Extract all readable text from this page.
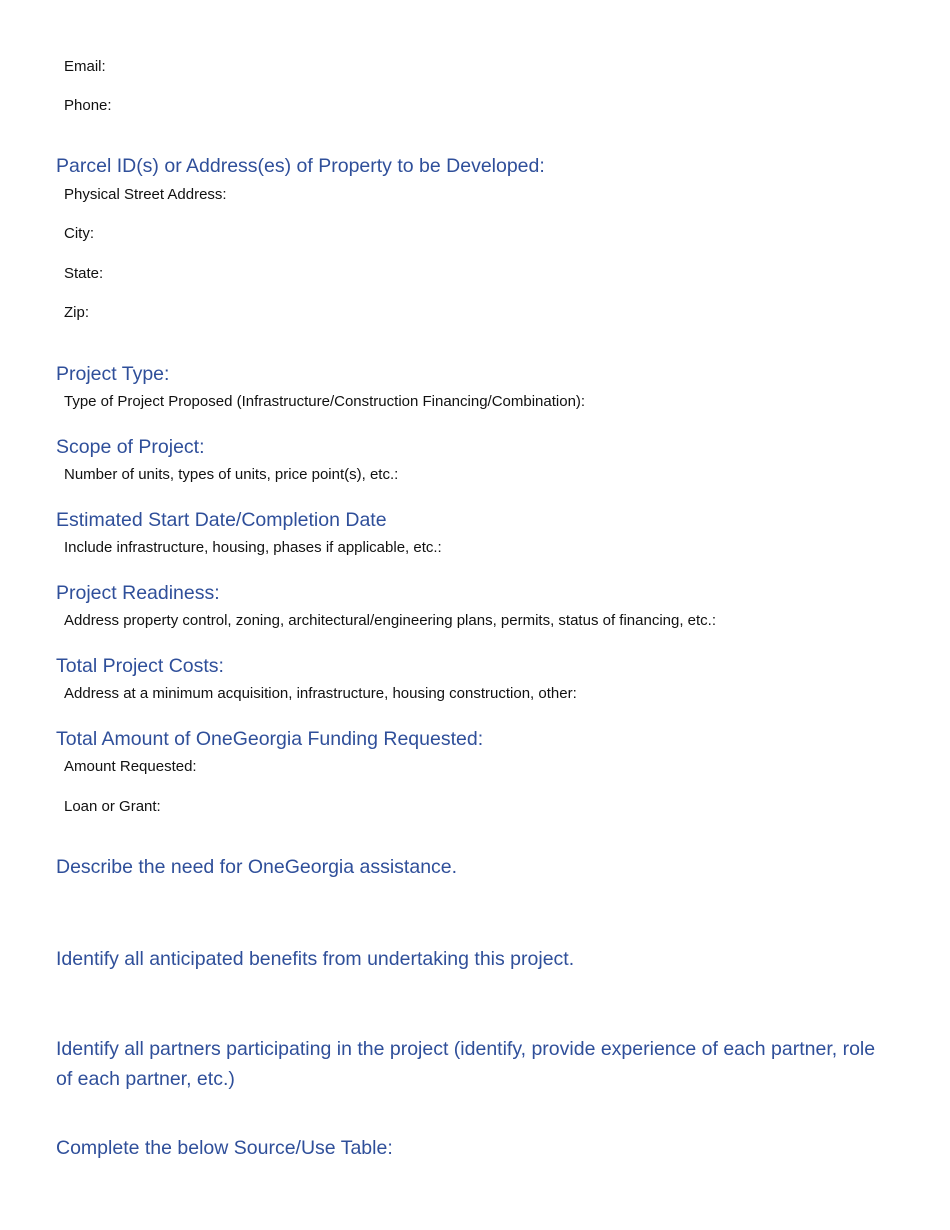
Email:
Phone:
Parcel ID(s) or Address(es) of Property to be Developed:
Physical Street Address:
City:
State:
Zip:
Project Type:
Type of Project Proposed (Infrastructure/Construction Financing/Combination):
Scope of Project:
Number of units, types of units, price point(s), etc.:
Estimated Start Date/Completion Date
Include infrastructure, housing, phases if applicable, etc.:
Project Readiness:
Address property control, zoning, architectural/engineering plans, permits, status of financing, etc.:
Total Project Costs:
Address at a minimum acquisition, infrastructure, housing construction, other:
Total Amount of OneGeorgia Funding Requested:
Amount Requested:
Loan or Grant:
Describe the need for OneGeorgia assistance.
Identify all anticipated benefits from undertaking this project.
Identify all partners participating in the project (identify, provide experience of each partner, role of each partner, etc.)
Complete the below Source/Use Table:
